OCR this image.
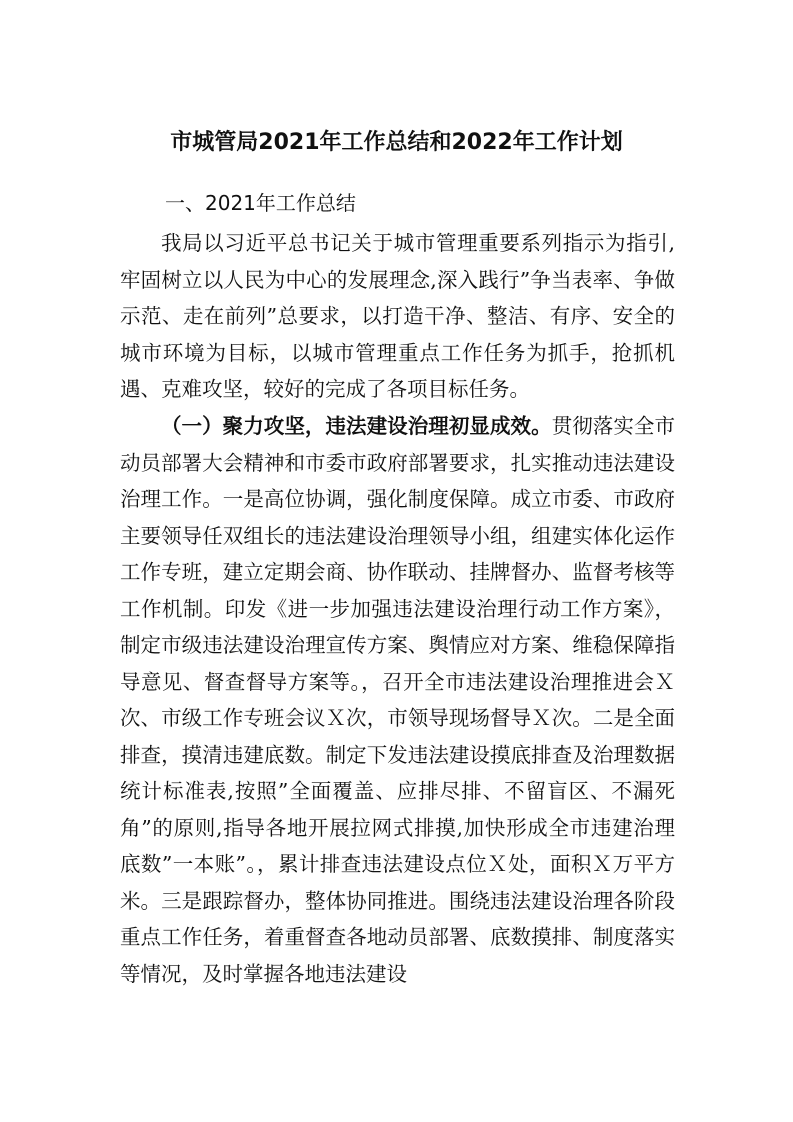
市城管局2021年工作总结和2022年工作计划
一、2021年工作总结
我局以习近平总书记关于城市管理重要系列指示为指引,牢固树立以人民为中心的发展理念,深入践行”争当表率、争做示范、走在前列”总要求，以打造干净、整洁、有序、安全的城市环境为目标，以城市管理重点工作任务为抓手，抢抓机遇、克难攻坚，较好的完成了各项目标任务。
（一）聚力攻坚，违法建设治理初显成效。贯彻落实全市动员部署大会精神和市委市政府部署要求，扎实推动违法建设治理工作。一是高位协调，强化制度保障。成立市委、市政府主要领导任双组长的违法建设治理领导小组，组建实体化运作工作专班，建立定期会商、协作联动、挂牌督办、监督考核等工作机制。印发《进一步加强违法建设治理行动工作方案》，制定市级违法建设治理宣传方案、舆情应对方案、维稳保障指导意见、督查督导方案等。，召开全市违法建设治理推进会Ｘ次、市级工作专班会议Ｘ次，市领导现场督导Ｘ次。二是全面排查，摸清违建底数。制定下发违法建设摸底排查及治理数据统计标准表,按照”全面覆盖、应排尽排、不留盲区、不漏死角”的原则,指导各地开展拉网式排摸,加快形成全市违建治理底数”一本账”。，累计排查违法建设点位Ｘ处，面积Ｘ万平方米。三是跟踪督办，整体协同推进。围绕违法建设治理各阶段重点工作任务，着重督查各地动员部署、底数摸排、制度落实等情况，及时掌握各地违法建设
